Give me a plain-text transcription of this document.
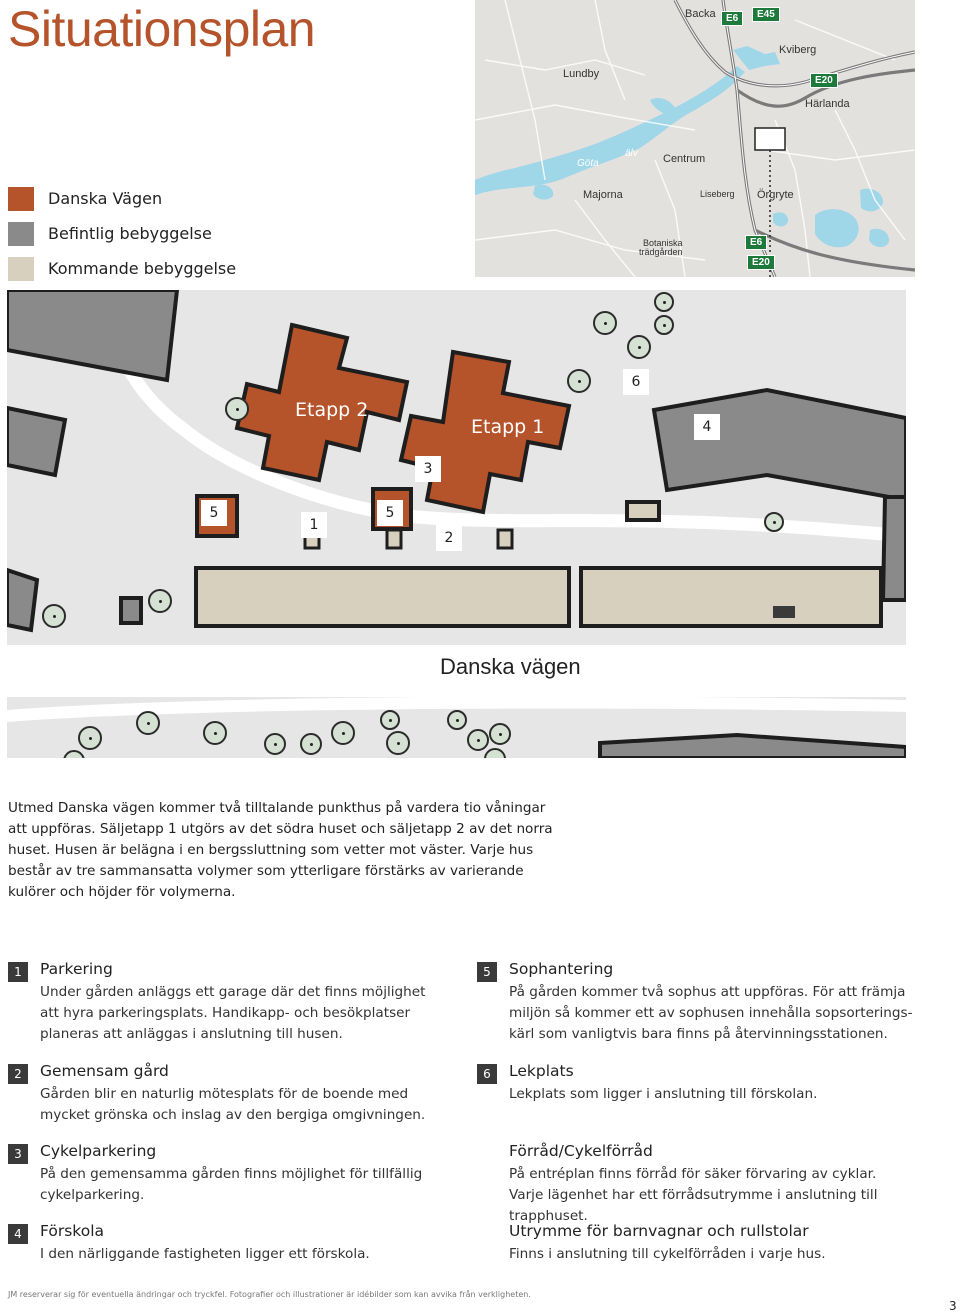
Situationsplan
Danska Vägen
Befintlig bebyggelse
Kommande bebyggelse
Lundby
Backa
Kviberg
Härlanda
Centrum
Majorna	Liseberg Örgryte
Botaniska
trädgården
Göta
älv
E6	E45
E20
E6
E20
Etapp 2
Etapp 1
Danska vägen
6
4
3
5
1
5
2
Utmed Danska vägen kommer två tilltalande punkthus på vardera tio våningar att uppföras. Säljetapp 1 utgörs av det södra huset och säljetapp 2 av det norra huset. Husen är belägna i en bergssluttning som vetter mot väster. Varje hus består av tre sammansatta volymer som ytterligare förstärks av varierande kulörer och höjder för volymerna.
1	Parkering
Under gården anläggs ett garage där det finns möjlighet att hyra parkeringsplats. Handikapp- och besökplatser planeras att anläggas i anslutning till husen.
2	Gemensam gård
Gården blir en naturlig mötesplats för de boende med mycket grönska och inslag av den bergiga omgivningen.
3	Cykelparkering
På den gemensamma gården finns möjlighet för tillfällig cykelparkering.
4	Förskola
I den närliggande fastigheten ligger ett förskola.
5	Sophantering
På gården kommer två sophus att uppföras. För att främja miljön så kommer ett av sophusen innehålla sopsorterings-kärl som vanligtvis bara finns på återvinningsstationen.
6	Lekplats
Lekplats som ligger i anslutning till förskolan.
Förråd/Cykelförråd
På entréplan finns förråd för säker förvaring av cyklar. Varje lägenhet har ett förrådsutrymme i anslutning till trapphuset.
Utrymme för barnvagnar och rullstolar
Finns i anslutning till cykelförråden i varje hus.
JM reserverar sig för eventuella ändringar och tryckfel. Fotografier och illustrationer är idébilder som kan avvika från verkligheten.
3
